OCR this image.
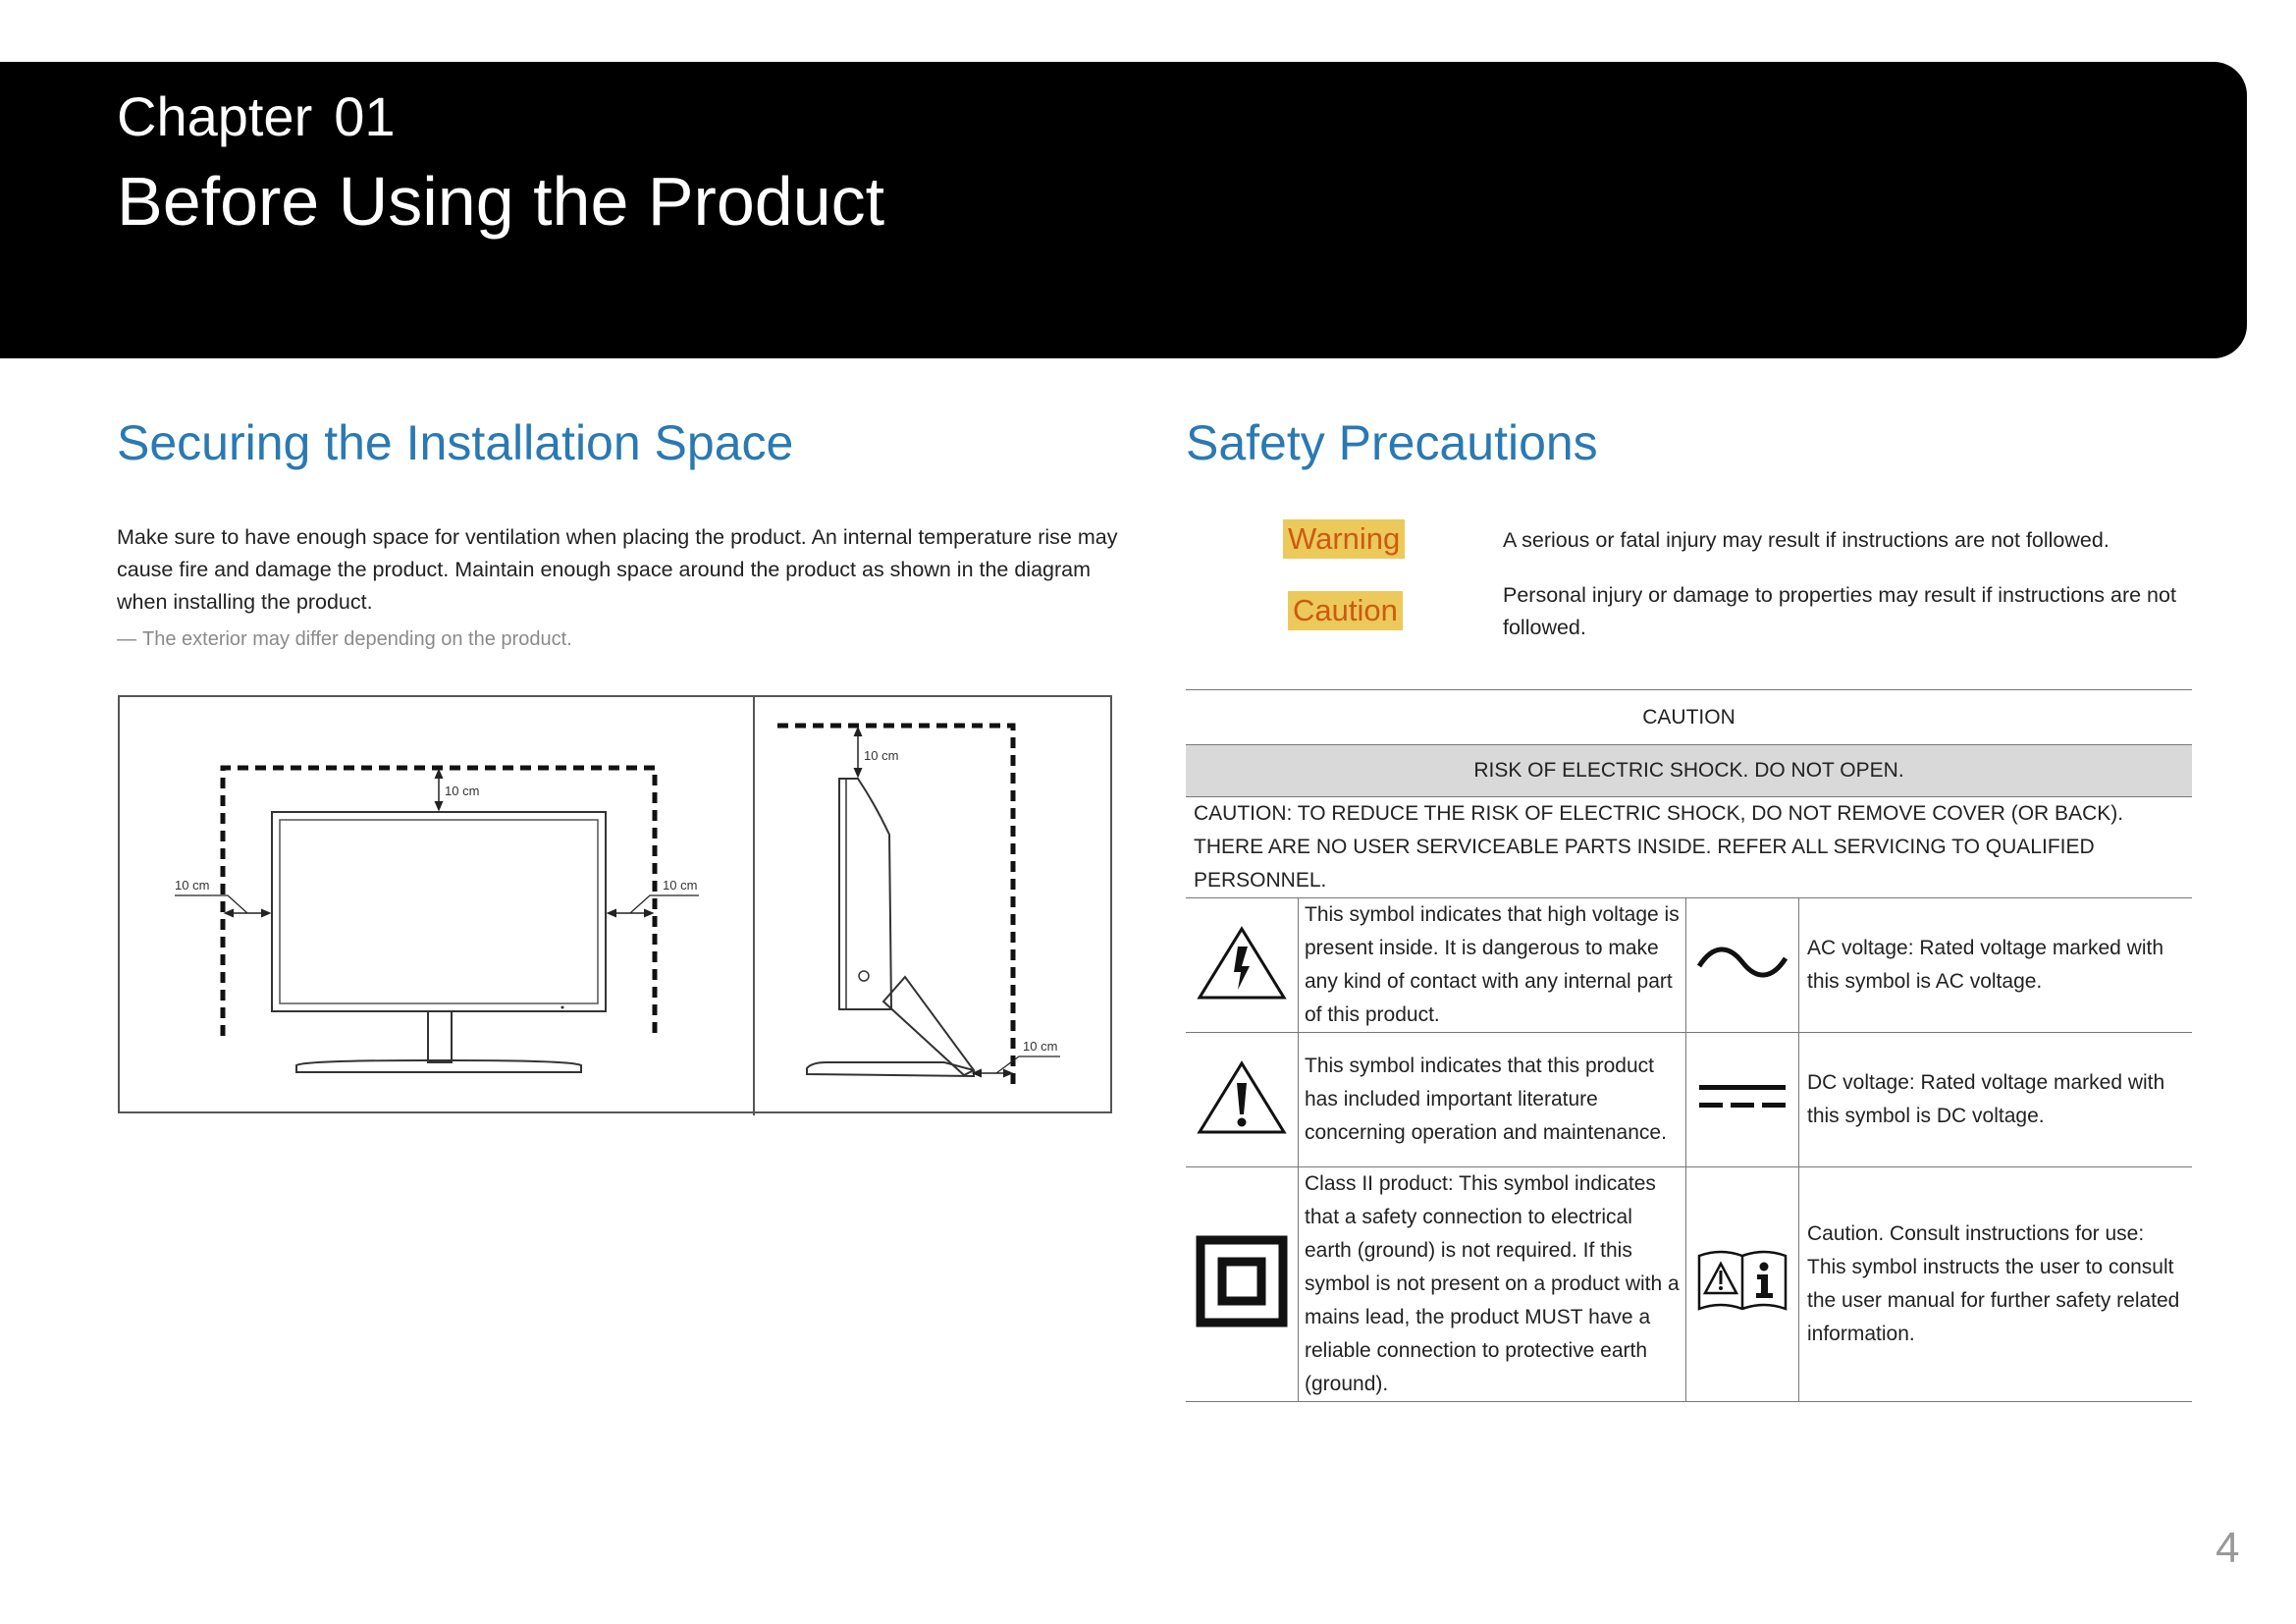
Chapter 01
Before Using the Product
Securing the Installation Space
Make sure to have enough space for ventilation when placing the product. An internal temperature rise may cause fire and damage the product. Maintain enough space around the product as shown in the diagram when installing the product.
― The exterior may differ depending on the product.
10 cm
10 cm	10 cm
10 cm
10 cm
Safety Precautions
Warning	A serious or fatal injury may result if instructions are not followed.
Caution	Personal injury or damage to properties may result if instructions are not followed.
CAUTION			
RISK OF ELECTRIC SHOCK. DO NOT OPEN.			
CAUTION: TO REDUCE THE RISK OF ELECTRIC SHOCK, DO NOT REMOVE COVER (OR BACK). THERE ARE NO USER SERVICEABLE PARTS INSIDE. REFER ALL SERVICING TO QUALIFIED PERSONNEL.			
	This symbol indicates that high voltage is present inside. It is dangerous to make any kind of contact with any internal part of this product.		AC voltage: Rated voltage marked with this symbol is AC voltage.
	This symbol indicates that this product has included important literature concerning operation and maintenance.		DC voltage: Rated voltage marked with this symbol is DC voltage.
	Class II product: This symbol indicates that a safety connection to electrical earth (ground) is not required. If this symbol is not present on a product with a mains lead, the product MUST have a reliable connection to protective earth (ground).		Caution. Consult instructions for use: This symbol instructs the user to consult the user manual for further safety related information.
4
